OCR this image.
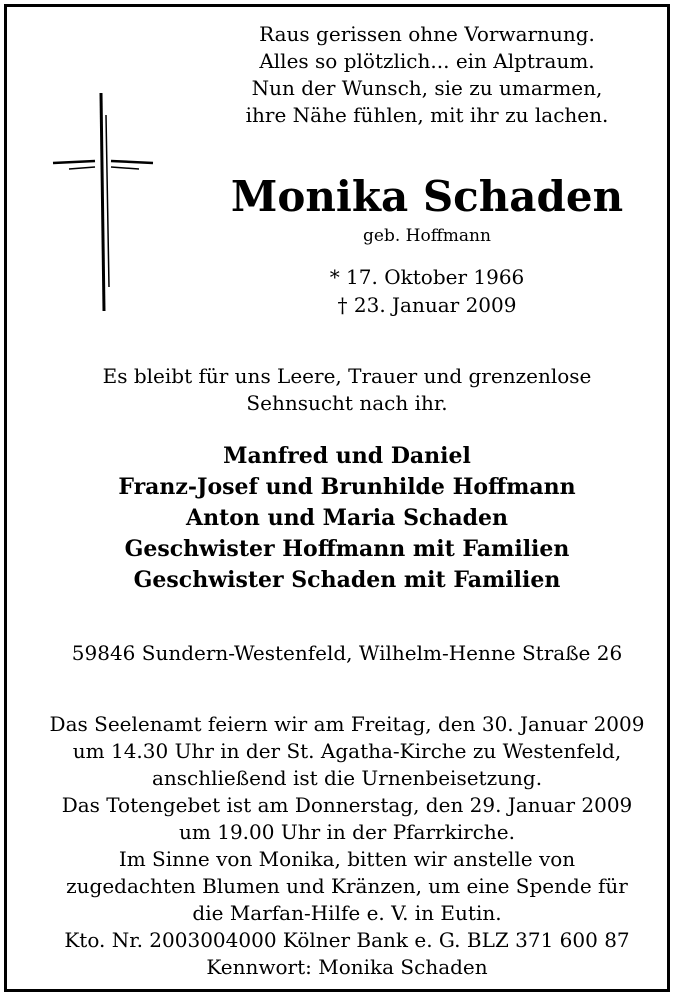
Raus gerissen ohne Vorwarnung.
Alles so plötzlich... ein Alptraum.
Nun der Wunsch, sie zu umarmen,
ihre Nähe fühlen, mit ihr zu lachen.
Monika Schaden
geb. Hoffmann
* 17. Oktober 1966
† 23. Januar 2009
Es bleibt für uns Leere, Trauer und grenzenlose
Sehnsucht nach ihr.
Manfred und Daniel
Franz-Josef und Brunhilde Hoffmann
Anton und Maria Schaden
Geschwister Hoffmann mit Familien
Geschwister Schaden mit Familien
59846 Sundern-Westenfeld, Wilhelm-Henne Straße 26
Das Seelenamt feiern wir am Freitag, den 30. Januar 2009
um 14.30 Uhr in der St. Agatha-Kirche zu Westenfeld,
anschließend ist die Urnenbeisetzung.
Das Totengebet ist am Donnerstag, den 29. Januar 2009
um 19.00 Uhr in der Pfarrkirche.
Im Sinne von Monika, bitten wir anstelle von
zugedachten Blumen und Kränzen, um eine Spende für
die Marfan-Hilfe e. V. in Eutin.
Kto. Nr. 2003004000 Kölner Bank e. G. BLZ 371 600 87
Kennwort: Monika Schaden
